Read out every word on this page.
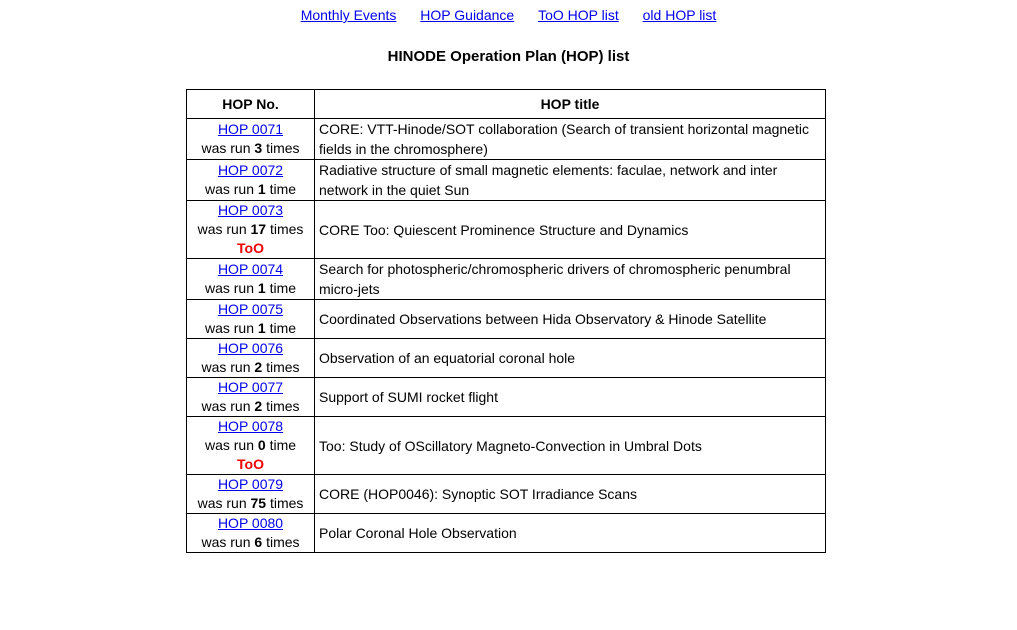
Monthly Events HOP Guidance ToO HOP list old HOP list
HINODE Operation Plan (HOP) list
HOP No.	HOP title
HOP 0071
was run 3 times	CORE: VTT-Hinode/SOT collaboration (Search of transient horizontal magnetic fields in the chromosphere)
HOP 0072
was run 1 time	Radiative structure of small magnetic elements: faculae, network and inter network in the quiet Sun
HOP 0073
was run 17 times
ToO	CORE Too: Quiescent Prominence Structure and Dynamics
HOP 0074
was run 1 time	Search for photospheric/chromospheric drivers of chromospheric penumbral micro-jets
HOP 0075
was run 1 time	Coordinated Observations between Hida Observatory & Hinode Satellite
HOP 0076
was run 2 times	Observation of an equatorial coronal hole
HOP 0077
was run 2 times	Support of SUMI rocket flight
HOP 0078
was run 0 time
ToO	Too: Study of OScillatory Magneto-Convection in Umbral Dots
HOP 0079
was run 75 times	CORE (HOP0046): Synoptic SOT Irradiance Scans
HOP 0080
was run 6 times	Polar Coronal Hole Observation
